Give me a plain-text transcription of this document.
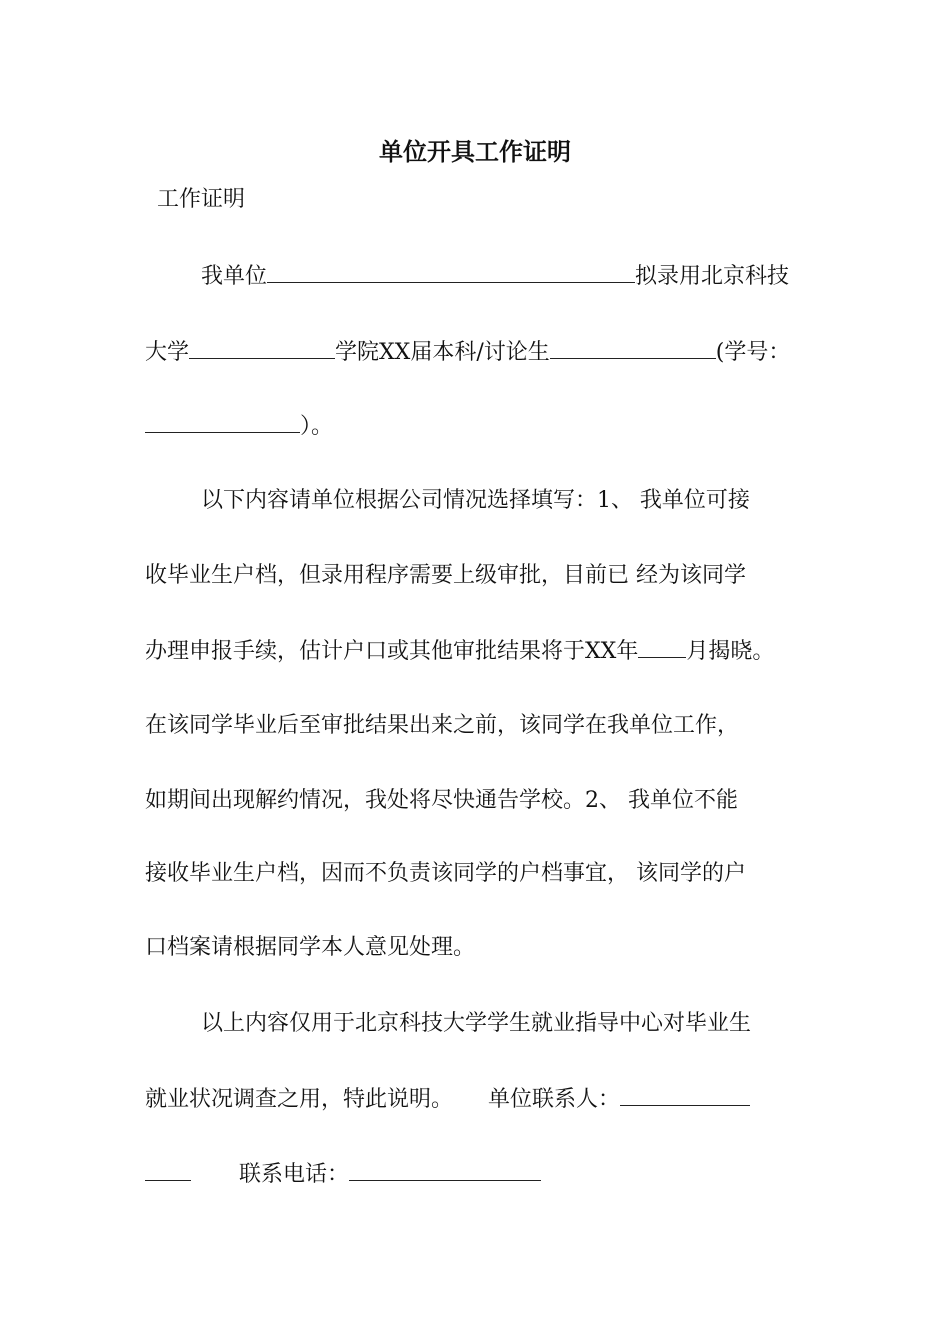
单位开具工作证明
工作证明
我单位	拟录用北京科技
大学	学院XX届本科/讨论生	(学号：
）。
以下内容请单位根据公司情况选择填写：1、 我单位可接
收毕业生户档，但录用程序需要上级审批，目前已 经为该同学
办理申报手续，估计户口或其他审批结果将于XX年 月揭晓。
在该同学毕业后至审批结果出来之前，该同学在我单位工作，
如期间出现解约情况，我处将尽快通告学校。2、 我单位不能
接收毕业生户档，因而不负责该同学的户档事宜， 该同学的户
口档案请根据同学本人意见处理。
以上内容仅用于北京科技大学学生就业指导中心对毕业生
就业状况调查之用，特此说明。     单位联系人：
联系电话：
